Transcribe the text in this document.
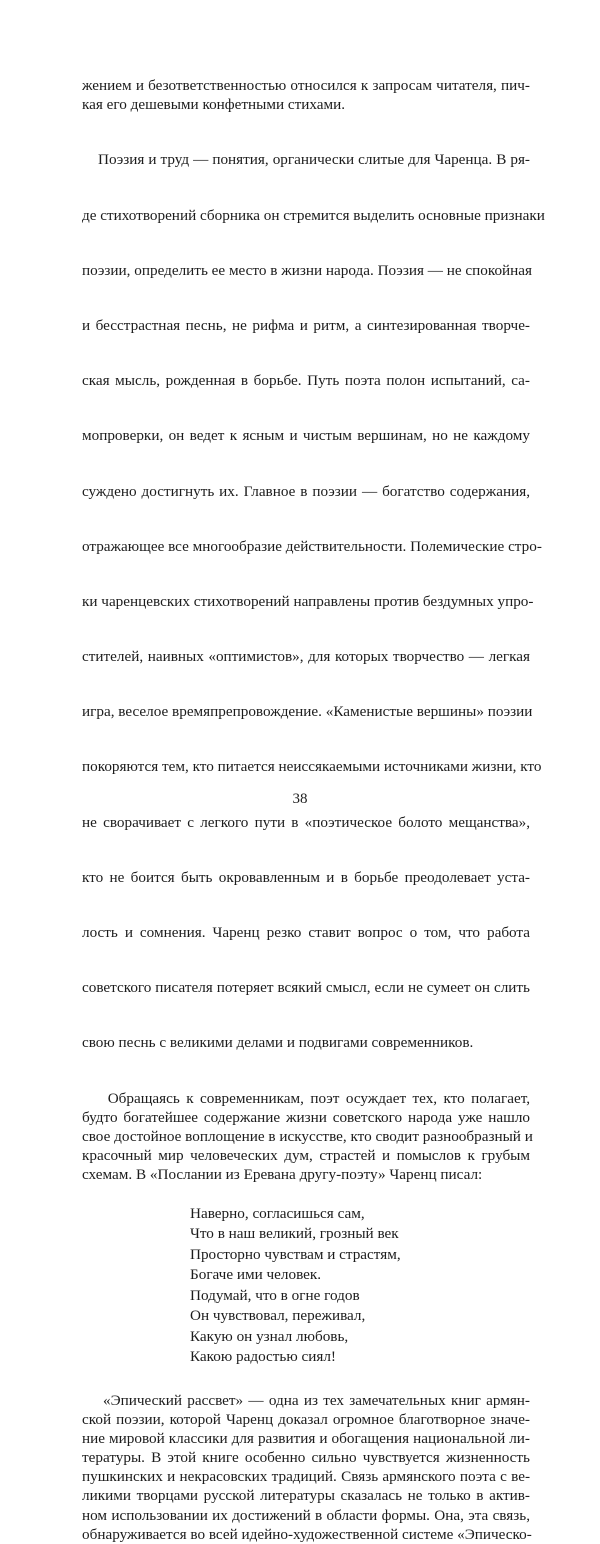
жением и безответственностью относился к запросам читателя, пич-
кая его дешевыми конфетными стихами.

Поэзия и труд — понятия, органически слитые для Чаренца. В ря-

де стихотворений сборника он стремится выделить основные признаки

поэзии, определить ее место в жизни народа. Поэзия — не спокойная

и бесстрастная песнь, не рифма и ритм, а синтезированная творче-

ская мысль, рожденная в борьбе. Путь поэта полон испытаний, са-

мопроверки, он ведет к ясным и чистым вершинам, но не каждому

суждено достигнуть их. Главное в поэзии — богатство содержания,

отражающее все многообразие действительности. Полемические стро-

ки чаренцевских стихотворений направлены против бездумных упро-

стителей, наивных «оптимистов», для которых творчество — легкая

игра, веселое времяпрепровождение. «Каменистые вершины» поэзии

покоряются тем, кто питается неиссякаемыми источниками жизни, кто

не сворачивает с легкого пути в «поэтическое болото мещанства»,

кто не боится быть окровавленным и в борьбе преодолевает уста-

лость и сомнения. Чаренц резко ставит вопрос о том, что работа

советского писателя потеряет всякий смысл, если не сумеет он слить

свою песнь с великими делами и подвигами современников.

Обращаясь к современникам, поэт осуждает тех, кто полагает,
будто богатейшее содержание жизни советского народа уже нашло
свое достойное воплощение в искусстве, кто сводит разнообразный и
красочный мир человеческих дум, страстей и помыслов к грубым
схемам. В «Послании из Еревана другу-поэту» Чаренц писал:
Наверно, согласишься сам,
Что в наш великий, грозный век
Просторно чувствам и страстям,
Богаче ими человек.
Подумай, что в огне годов
Он чувствовал, переживал,
Какую он узнал любовь,
Какою радостью сиял!
«Эпический рассвет» — одна из тех замечательных книг армян-
ской поэзии, которой Чаренц доказал огромное благотворное значе-
ние мировой классики для развития и обогащения национальной ли-
тературы. В этой книге особенно сильно чувствуется жизненность
пушкинских и некрасовских традиций. Связь армянского поэта с ве-
ликими творцами русской литературы сказалась не только в актив-
ном использовании их достижений в области формы. Она, эта связь,
обнаруживается во всей идейно-художественной системе «Эпическо-
38
